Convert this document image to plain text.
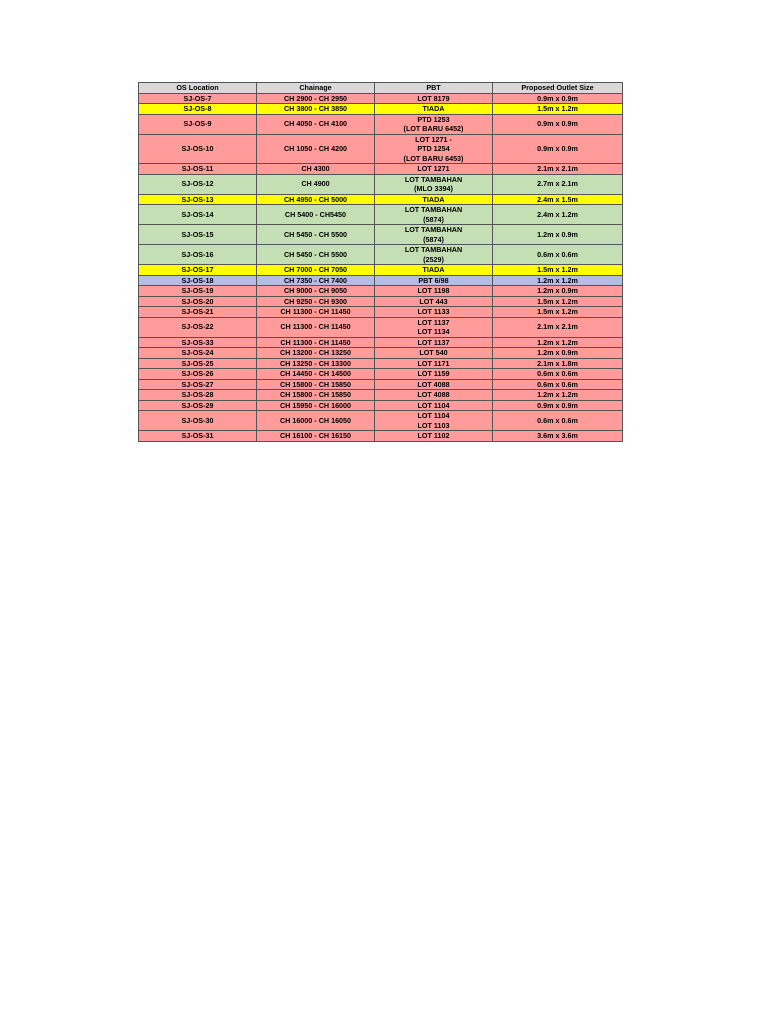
OS Location	Chainage	PBT	Proposed Outlet Size

SJ-OS-7	CH 2900 - CH 2950	LOT 8179	0.9m x 0.9m

SJ-OS-8	CH 3800 - CH 3850	TIADA	1.5m x 1.2m

SJ-OS-9	CH 4050 - CH 4100	PTD 1253
(LOT BARU 6452)	0.9m x 0.9m

SJ-OS-10	CH 1050 - CH 4200	LOT 1271 -
PTD 1254
(LOT BARU 6453)	0.9m x 0.9m

SJ-OS-11	CH 4300	LOT 1271	2.1m x 2.1m

SJ-OS-12	CH 4900	LOT TAMBAHAN
(MLO 3394)	2.7m x 2.1m

SJ-OS-13	CH 4950 - CH 5000	TIADA	2.4m x 1.5m

SJ-OS-14	CH 5400 - CH5450	LOT TAMBAHAN
(5874)	2.4m x 1.2m

SJ-OS-15	CH 5450 - CH 5500	LOT TAMBAHAN
(5874)	1.2m x 0.9m

SJ-OS-16	CH 5450 - CH 5500	LOT TAMBAHAN
(2529)	0.6m x 0.6m

SJ-OS-17	CH 7000 - CH 7050	TIADA	1.5m x 1.2m

SJ-OS-18	CH 7350 - CH 7400	PBT 6/98	1.2m x 1.2m

SJ-OS-19	CH 9000 - CH 9050	LOT 1198	1.2m x 0.9m

SJ-OS-20	CH 9250 - CH 9300	LOT 443	1.5m x 1.2m

SJ-OS-21	CH 11300 - CH 11450	LOT 1133	1.5m x 1.2m

SJ-OS-22	CH 11300 - CH 11450	LOT 1137
LOT 1134	2.1m x 2.1m

SJ-OS-33	CH 11300 - CH 11450	LOT 1137	1.2m x 1.2m

SJ-OS-24	CH 13200 - CH 13250	LOT 540	1.2m x 0.9m

SJ-OS-25	CH 13250 - CH 13300	LOT 1171	2.1m x 1.8m

SJ-OS-26	CH 14450 - CH 14500	LOT 1159	0.6m x 0.6m

SJ-OS-27	CH 15800 - CH 15850	LOT 4088	0.6m x 0.6m

SJ-OS-28	CH 15800 - CH 15850	LOT 4088	1.2m x 1.2m

SJ-OS-29	CH 15950 - CH 16000	LOT 1104	0.9m x 0.9m

SJ-OS-30	CH 16000 - CH 16050	LOT 1104
LOT 1103	0.6m x 0.6m

SJ-OS-31	CH 16100 - CH 16150	LOT 1102	3.6m x 3.6m
